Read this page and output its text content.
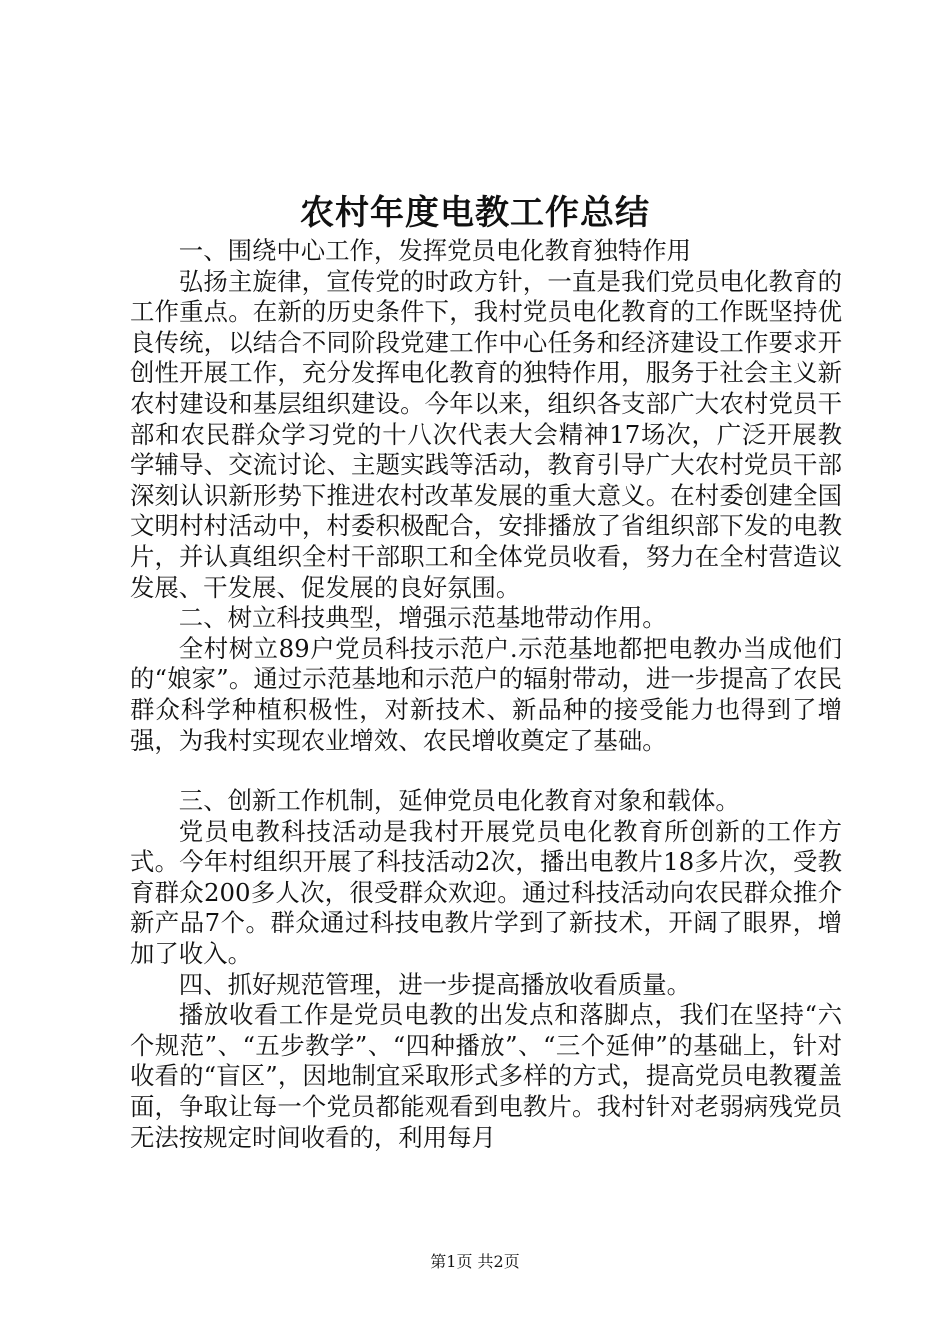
农村年度电教工作总结

一、围绕中心工作，发挥党员电化教育独特作用

弘扬主旋律，宣传党的时政方针，一直是我们党员电化教育的工作重点。在新的历史条件下，我村党员电化教育的工作既坚持优良传统，以结合不同阶段党建工作中心任务和经济建设工作要求开创性开展工作，充分发挥电化教育的独特作用，服务于社会主义新农村建设和基层组织建设。今年以来，组织各支部广大农村党员干部和农民群众学习党的十八次代表大会精神17场次，广泛开展教学辅导、交流讨论、主题实践等活动，教育引导广大农村党员干部深刻认识新形势下推进农村改革发展的重大意义。在村委创建全国文明村村活动中，村委积极配合，安排播放了省组织部下发的电教片，并认真组织全村干部职工和全体党员收看，努力在全村营造议发展、干发展、促发展的良好氛围。

二、树立科技典型，增强示范基地带动作用。

全村树立89户党员科技示范户.示范基地都把电教办当成他们的“娘家”。通过示范基地和示范户的辐射带动，进一步提高了农民群众科学种植积极性，对新技术、新品种的接受能力也得到了增强，为我村实现农业增效、农民增收奠定了基础。

三、创新工作机制，延伸党员电化教育对象和载体。

党员电教科技活动是我村开展党员电化教育所创新的工作方式。今年村组织开展了科技活动2次，播出电教片18多片次，受教育群众200多人次，很受群众欢迎。通过科技活动向农民群众推介新产品7个。群众通过科技电教片学到了新技术，开阔了眼界，增加了收入。

四、抓好规范管理，进一步提高播放收看质量。

播放收看工作是党员电教的出发点和落脚点，我们在坚持“六个规范”、“五步教学”、“四种播放”、“三个延伸”的基础上，针对收看的“盲区”，因地制宜采取形式多样的方式，提高党员电教覆盖面，争取让每一个党员都能观看到电教片。我村针对老弱病残党员无法按规定时间收看的，利用每月

第1页 共2页
